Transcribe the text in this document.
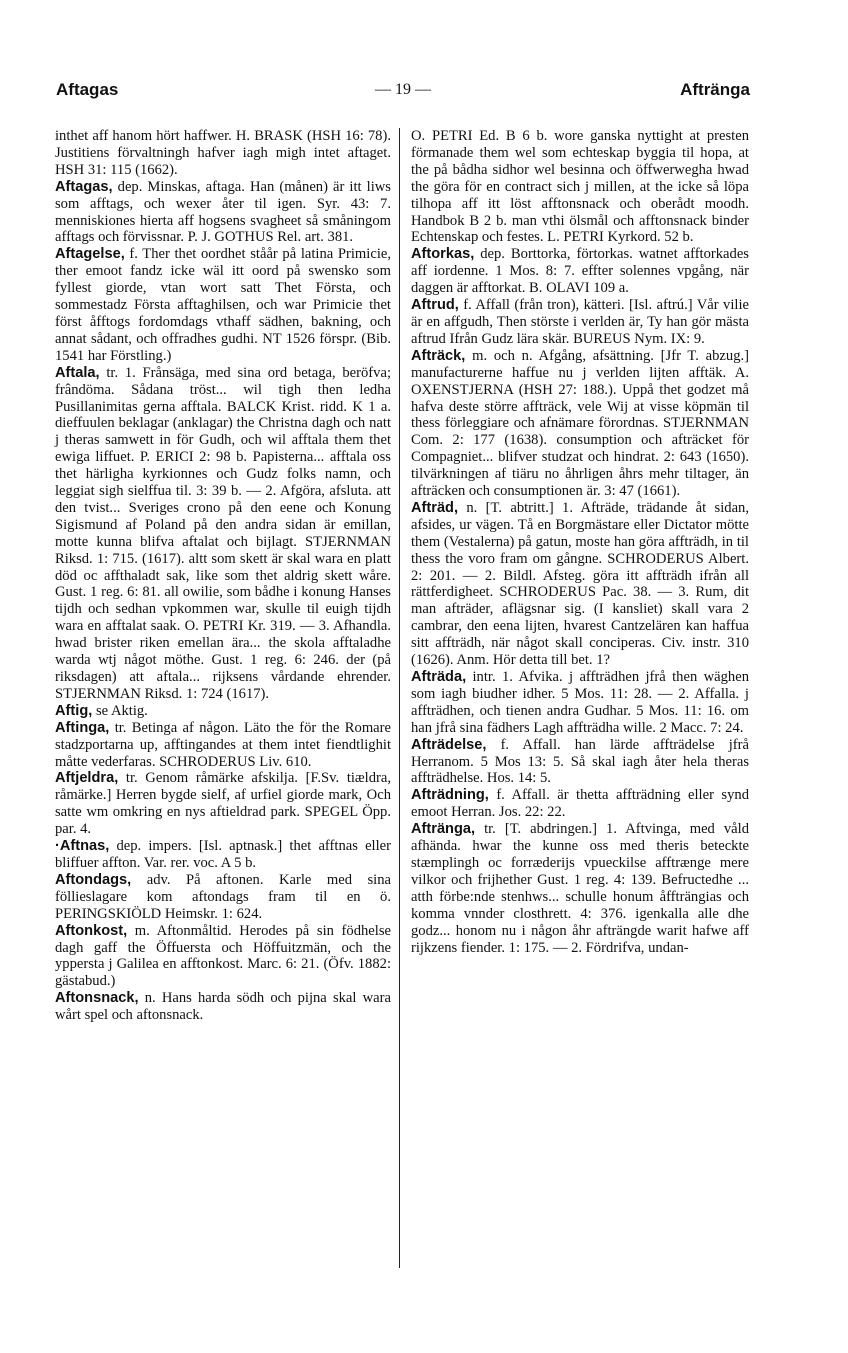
Aftagas	— 19 —	Afträngа

inthet aff hanom hört haffwer. H. BRASK (HSH 16: 78). Justitiens förvaltningh hafver iagh migh intet aftaget. HSH 31: 115 (1662).

Aftagas, dep. Minskas, aftaga. Han (månen) är itt liws som afftags, och wexer åter til igen. Syr. 43: 7. menniskiones hierta aff hogsens svagheet så småningom afftags och förvissnar. P. J. GOTHUS Rel. art. 381.

Aftagelse, f. Ther thet oordhet ståår på latina Primicie, ther emoot fandz icke wäl itt oord på swensko som fyllest giorde, vtan wort satt Thet Första, och sommestadz Första afftaghilsen, och war Primicie thet först åfftogs fordomdags vthaff sädhen, bakning, och annat sådant, och offradhes gudhi. NT 1526 förspr. (Bib. 1541 har Förstling.)

Aftala, tr. 1. Frånsäga, med sina ord betaga, beröfva; frândöma. Sådana tröst... wil tigh then ledha Pusillanimitas gerna afftala. BALCK Krist. ridd. K 1 a. dieffuulen beklagar (anklagar) the Christna dagh och natt j theras samwett in för Gudh, och wil afftala them thet ewiga liffuet. P. ERICI 2: 98 b. Papisterna... afftala oss thet härligha kyrkionnes och Gudz folks namn, och leggiat sigh sielffua til. 3: 39 b. — 2. Afgöra, afsluta. att den tvist... Sveriges crono på den eene och Konung Sigismund af Poland på den andra sidan är emillan, motte kunna blifva aftalat och bijlagt. STJERNMAN Riksd. 1: 715. (1617). altt som skett är skal wara en platt död oc affthaladt sak, like som thet aldrig skett wåre. Gust. 1 reg. 6: 81. all owilie, som bådhe i konung Hanses tijdh och sedhan vpkommen war, skulle til euigh tijdh wara en afftalat saak. O. PETRI Kr. 319. — 3. Afhandla. hwad brister riken emellan ära... the skola afftaladhe warda wtj något möthe. Gust. 1 reg. 6: 246. der (på riksdagen) att aftala... rijksens vårdande ehrender. STJERNMAN Riksd. 1: 724 (1617).

Aftig, se Aktig.

Aftinga, tr. Betinga af någon. Läto the för the Romare stadzportarna up, afftingandes at them intet fiendtlighit måtte vederfaras. SCHRODERUS Liv. 610.

Aftjeldra, tr. Genom råmärke afskilja. [F.Sv. tiældra, råmärke.] Herren bygde sielf, af urfiel giorde mark, Och satte wm omkring en nys aftieldrad park. SPEGEL Öpp. par. 4.

·Aftnas, dep. impers. [Isl. aptnask.] thet afftnas eller bliffuer affton. Var. rer. voc. A 5 b.

Aftondags, adv. På aftonen. Karle med sina föllieslagare kom aftondags fram til en ö. PERINGSKIÖLD Heimskr. 1: 624.

Aftonkost, m. Aftonmåltid. Herodes på sin födhelse dagh gaff the Öffuersta och Höffuitzmän, och the yppersta j Galilea en afftonkost. Marc. 6: 21. (Öfv. 1882: gästabud.)

Aftonsnack, n. Hans harda södh och pijna skal wara wårt spel och aftonsnack.

O. PETRI Ed. B 6 b. wore ganska nyttight at presten förmanade them wel som echteskap byggia til hopa, at the på bådha sidhor wel besinna och öffwerwegha hwad the göra för en contract sich j millen, at the icke så löpa tilhopa aff itt löst afftonsnack och oberådt moodh. Handbok B 2 b. man vthi ölsmål och afftonsnack binder Echtenskap och festes. L. PETRI Kyrkord. 52 b.

Aftorkas, dep. Borttorka, förtorkas. watnet afftorkades aff iordenne. 1 Mos. 8: 7. effter solennes vpgång, när daggen är afftorkat. B. OLAVI 109 a.

Aftrud, f. Affall (från tron), kätteri. [Isl. aftrú.] Vår vilie är en affgudh, Then störste i verlden är, Ty han gör mästa aftrud Ifrån Gudz lära skär. BUREUS Nym. IX: 9.

Afträck, m. och n. Afgång, afsättning. [Jfr T. abzug.] manufacturerne haffue nu j verlden lijten afftäk. A. OXENSTJERNA (HSH 27: 188.). Uppå thet godzet må hafva deste större affträck, vele Wij at visse köpmän til thess förleggiare och afnämare förordnas. STJERNMAN Com. 2: 177 (1638). consumption och afträcket för Compagniet... blifver studzat och hindrat. 2: 643 (1650). tilvärkningen af tiäru no åhrligen åhrs mehr tiltager, än afträcken och consumptionen är. 3: 47 (1661).

Afträd, n. [T. abtritt.] 1. Afträde, trädande åt sidan, afsides, ur vägen. Tå en Borgmästare eller Dictator mötte them (Vestalerna) på gatun, moste han göra affträdh, in til thess the voro fram om gångne. SCHRODERUS Albert. 2: 201. — 2. Bildl. Afsteg. göra itt affträdh ifrån all rättferdigheet. SCHRODERUS Pac. 38. — 3. Rum, dit man afträder, aflägsnar sig. (I kansliet) skall vara 2 cambrar, den eena lijten, hvarest Cantzelären kan haffua sitt affträdh, när något skall conciperas. Civ. instr. 310 (1626). Anm. Hör detta till bet. 1?

Afträda, intr. 1. Afvika. j affträdhen jfrå then wäghen som iagh biudher idher. 5 Mos. 11: 28. — 2. Affalla. j affträdhen, och tienen andra Gudhar. 5 Mos. 11: 16. om han jfrå sina fädhers Lagh affträdha wille. 2 Macc. 7: 24.

Afträdelse, f. Affall. han lärde affträdelse jfrå Herranom. 5 Mos 13: 5. Så skal iagh åter hela theras affträdhelse. Hos. 14: 5.

Afträdning, f. Affall. är thetta affträdning eller synd emoot Herran. Jos. 22: 22.

Afträngа, tr. [T. abdringen.] 1. Aftvinga, med våld afhända. hwar the kunne oss med theris beteckte stæmplingh oc forræderijs vpueckilse afftrænge mere vilkor och frijhether Gust. 1 reg. 4: 139. Befructedhe ... atth förbe:nde stenhws... schulle honum åffträngias och komma vnnder closthrett. 4: 376. igenkalla alle dhe godz... honom nu i någon åhr afträngde warit hafwe aff rijkzens fiender. 1: 175. — 2. Fördrifva, undan-
